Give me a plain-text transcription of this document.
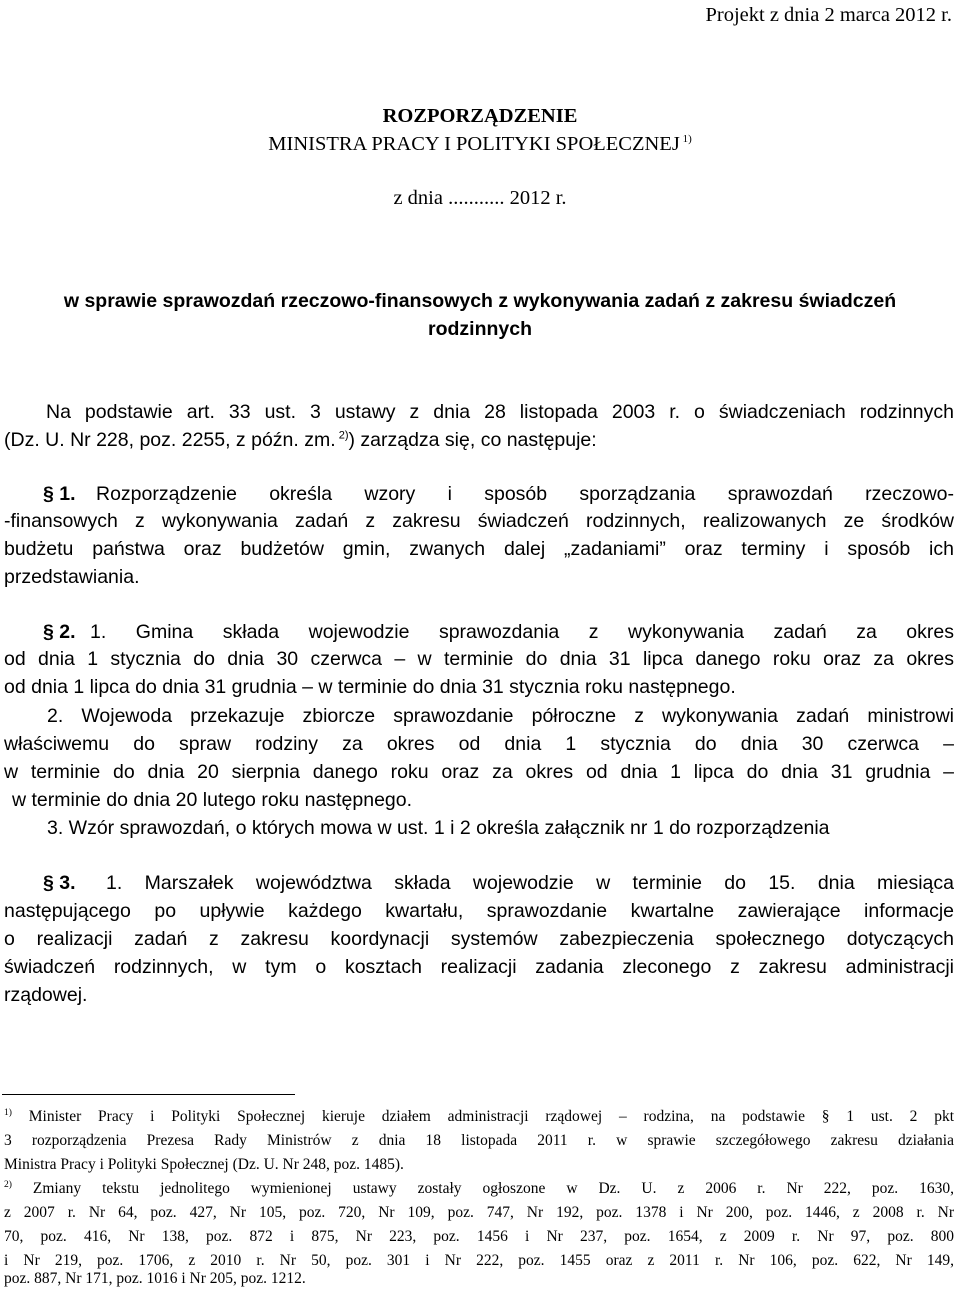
Projekt z dnia 2 marca 2012 r.
ROZPORZĄDZENIE
MINISTRA PRACY I POLITYKI SPOŁECZNEJ $^{1)}$
z dnia ........... 2012 r.
w sprawie sprawozdań rzeczowo-finansowych z wykonywania zadań z zakresu świadczeń
rodzinnych
Na podstawie art. 33 ust. 3 ustawy z dnia 28 listopada 2003 r. o świadczeniach rodzinnych
(Dz. U. Nr 228, poz. 2255, z późn. zm. $^{2)}$) zarządza się, co następuje:
§ 1. Rozporządzenie określa wzory i sposób sporządzania sprawozdań rzeczowo-
-finansowych z wykonywania zadań z zakresu świadczeń rodzinnych, realizowanych ze środków
budżetu państwa oraz budżetów gmin, zwanych dalej „zadaniami” oraz terminy i sposób ich
przedstawiania.
§ 2. 1. Gmina składa wojewodzie sprawozdania z wykonywania zadań za okres
od dnia 1 stycznia do dnia 30 czerwca – w terminie do dnia 31 lipca danego roku oraz za okres
od dnia 1 lipca do dnia 31 grudnia – w terminie do dnia 31 stycznia roku następnego.
2. Wojewoda przekazuje zbiorcze sprawozdanie półroczne z wykonywania zadań ministrowi
właściwemu do spraw rodziny za okres od dnia 1 stycznia do dnia 30 czerwca –
w terminie do dnia 20 sierpnia danego roku oraz za okres od dnia 1 lipca do dnia 31 grudnia –
w terminie do dnia 20 lutego roku następnego.
3. Wzór sprawozdań, o których mowa w ust. 1 i 2 określa załącznik nr 1 do rozporządzenia
§ 3. 1. Marszałek województwa składa wojewodzie w terminie do 15. dnia miesiąca
następującego po upływie każdego kwartału, sprawozdanie kwartalne zawierające informacje
o realizacji zadań z zakresu koordynacji systemów zabezpieczenia społecznego dotyczących
świadczeń rodzinnych, w tym o kosztach realizacji zadania zleconego z zakresu administracji
rządowej.
$^{1)}$ Minister Pracy i Polityki Społecznej kieruje działem administracji rządowej – rodzina, na podstawie § 1 ust. 2 pkt
3 rozporządzenia Prezesa Rady Ministrów z dnia 18 listopada 2011 r. w sprawie szczegółowego zakresu działania
Ministra Pracy i Polityki Społecznej (Dz. U. Nr 248, poz. 1485).
$^{2)}$ Zmiany tekstu jednolitego wymienionej ustawy zostały ogłoszone w Dz. U. z 2006 r. Nr 222, poz. 1630,
z 2007 r. Nr 64, poz. 427, Nr 105, poz. 720, Nr 109, poz. 747, Nr 192, poz. 1378 i Nr 200, poz. 1446, z 2008 r. Nr
70, poz. 416, Nr 138, poz. 872 i 875, Nr 223, poz. 1456 i Nr 237, poz. 1654, z 2009 r. Nr 97, poz. 800
i Nr 219, poz. 1706, z 2010 r. Nr 50, poz. 301 i Nr 222, poz. 1455 oraz z 2011 r. Nr 106, poz. 622, Nr 149,
poz. 887, Nr 171, poz. 1016 i Nr 205, poz. 1212.
